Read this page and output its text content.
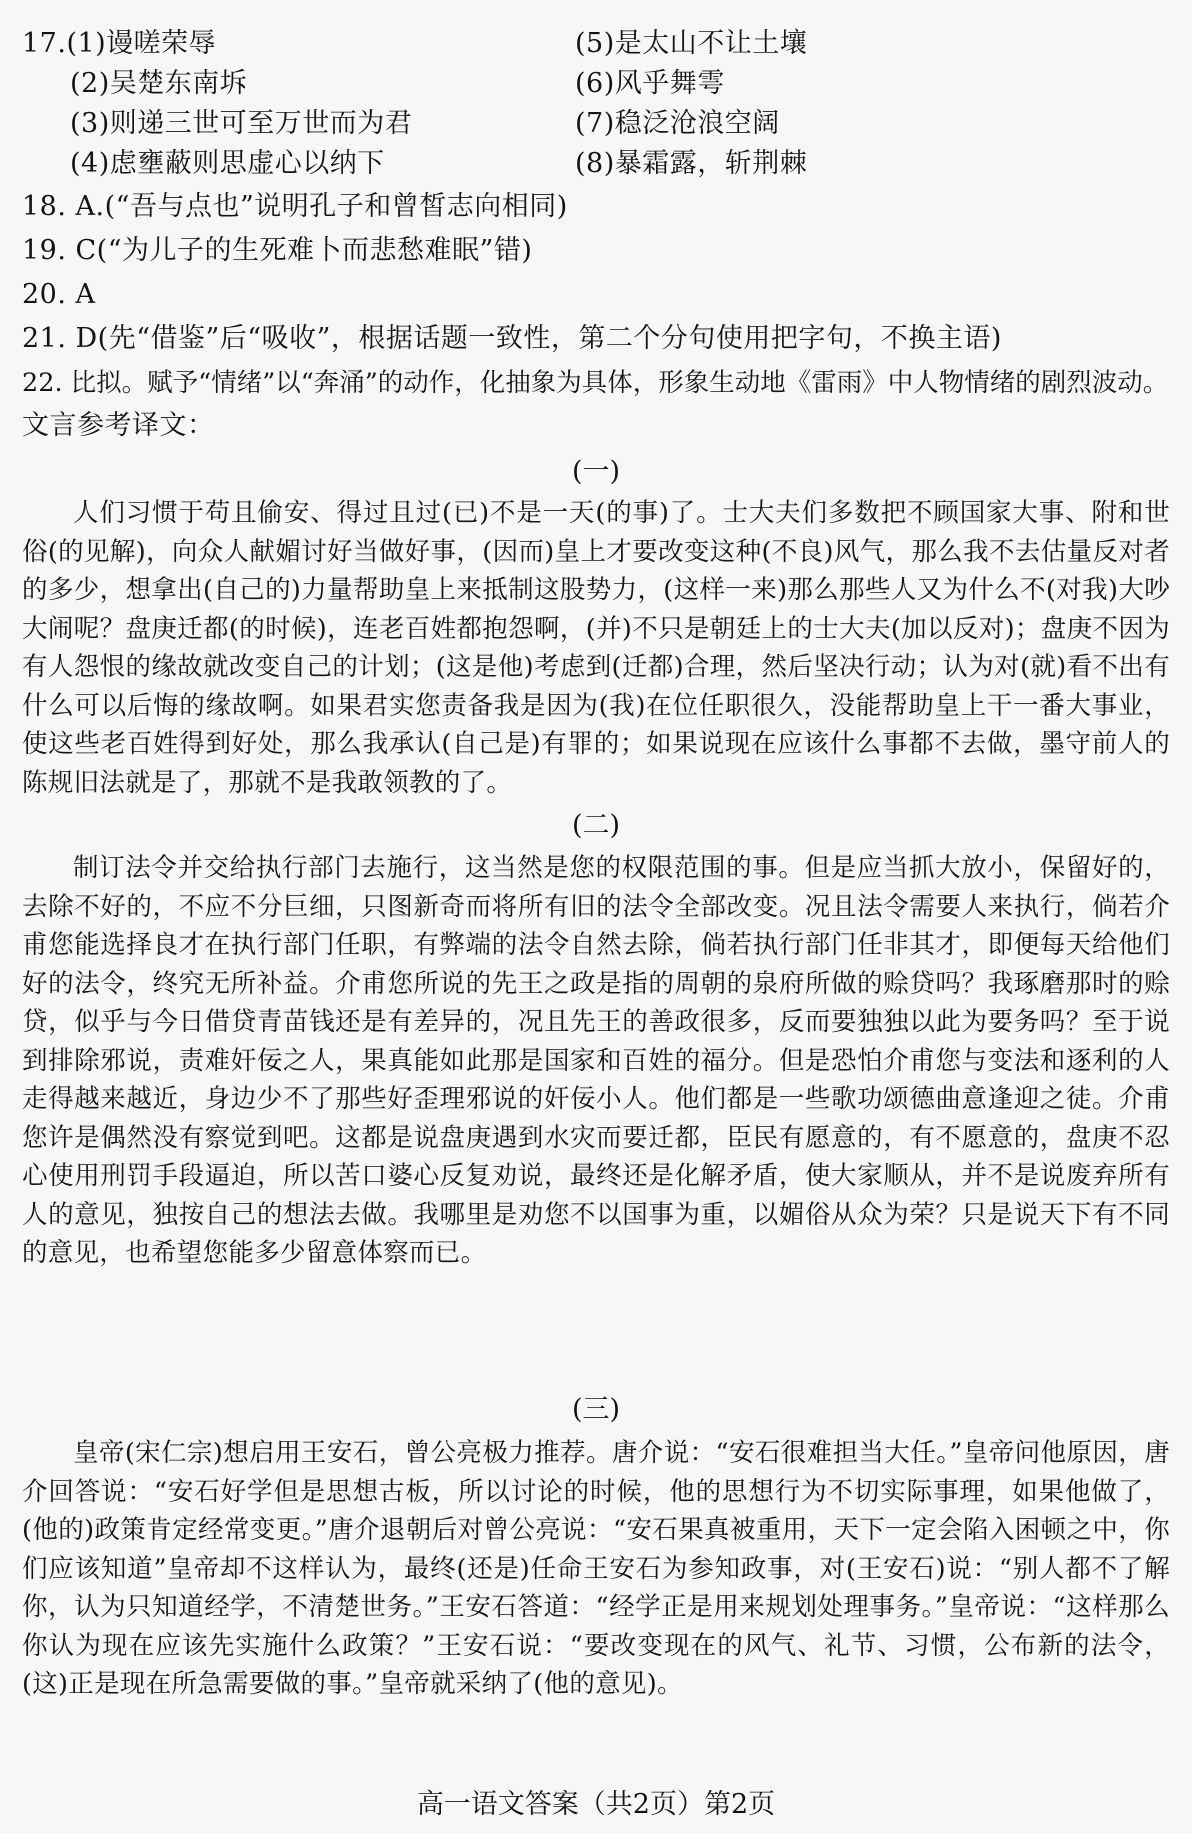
17.(1)谩嗟荣辱	(5)是太山不让土壤
(2)吴楚东南坼	(6)风乎舞雩
(3)则递三世可至万世而为君	(7)稳泛沧浪空阔
(4)虑壅蔽则思虚心以纳下	(8)暴霜露，斩荆棘
18. A.(“吾与点也”说明孔子和曾皙志向相同)
19. C(“为儿子的生死难卜而悲愁难眠”错)
20. A
21. D(先“借鉴”后“吸收”，根据话题一致性，第二个分句使用把字句，不换主语)
22. 比拟。赋予“情绪”以“奔涌”的动作，化抽象为具体，形象生动地《雷雨》中人物情绪的剧烈波动。
文言参考译文：
(一)
人们习惯于苟且偷安、得过且过(已)不是一天(的事)了。士大夫们多数把不顾国家大事、附和世俗(的见解)，向众人献媚讨好当做好事，(因而)皇上才要改变这种(不良)风气，那么我不去估量反对者的多少，想拿出(自己的)力量帮助皇上来抵制这股势力，(这样一来)那么那些人又为什么不(对我)大吵大闹呢？盘庚迁都(的时候)，连老百姓都抱怨啊，(并)不只是朝廷上的士大夫(加以反对)；盘庚不因为有人怨恨的缘故就改变自己的计划；(这是他)考虑到(迁都)合理，然后坚决行动；认为对(就)看不出有什么可以后悔的缘故啊。如果君实您责备我是因为(我)在位任职很久，没能帮助皇上干一番大事业，使这些老百姓得到好处，那么我承认(自己是)有罪的；如果说现在应该什么事都不去做，墨守前人的陈规旧法就是了，那就不是我敢领教的了。
(二)
制订法令并交给执行部门去施行，这当然是您的权限范围的事。但是应当抓大放小，保留好的，去除不好的，不应不分巨细，只图新奇而将所有旧的法令全部改变。况且法令需要人来执行，倘若介甫您能选择良才在执行部门任职，有弊端的法令自然去除，倘若执行部门任非其才，即便每天给他们好的法令，终究无所补益。介甫您所说的先王之政是指的周朝的泉府所做的赊贷吗？我琢磨那时的赊贷，似乎与今日借贷青苗钱还是有差异的，况且先王的善政很多，反而要独独以此为要务吗？至于说到排除邪说，责难奸佞之人，果真能如此那是国家和百姓的福分。但是恐怕介甫您与变法和逐利的人走得越来越近，身边少不了那些好歪理邪说的奸佞小人。他们都是一些歌功颂德曲意逢迎之徒。介甫您许是偶然没有察觉到吧。这都是说盘庚遇到水灾而要迁都，臣民有愿意的，有不愿意的，盘庚不忍心使用刑罚手段逼迫，所以苦口婆心反复劝说，最终还是化解矛盾，使大家顺从，并不是说废弃所有人的意见，独按自己的想法去做。我哪里是劝您不以国事为重，以媚俗从众为荣？只是说天下有不同的意见，也希望您能多少留意体察而已。
(三)
皇帝(宋仁宗)想启用王安石，曾公亮极力推荐。唐介说：“安石很难担当大任。”皇帝问他原因，唐介回答说：“安石好学但是思想古板，所以讨论的时候，他的思想行为不切实际事理，如果他做了，(他的)政策肯定经常变更。”唐介退朝后对曾公亮说：“安石果真被重用，天下一定会陷入困顿之中，你们应该知道”皇帝却不这样认为，最终(还是)任命王安石为参知政事，对(王安石)说：“别人都不了解你，认为只知道经学，不清楚世务。”王安石答道：“经学正是用来规划处理事务。”皇帝说：“这样那么你认为现在应该先实施什么政策？”王安石说：“要改变现在的风气、礼节、习惯，公布新的法令，(这)正是现在所急需要做的事。”皇帝就采纳了(他的意见)。
高一语文答案（共2页）第2页
